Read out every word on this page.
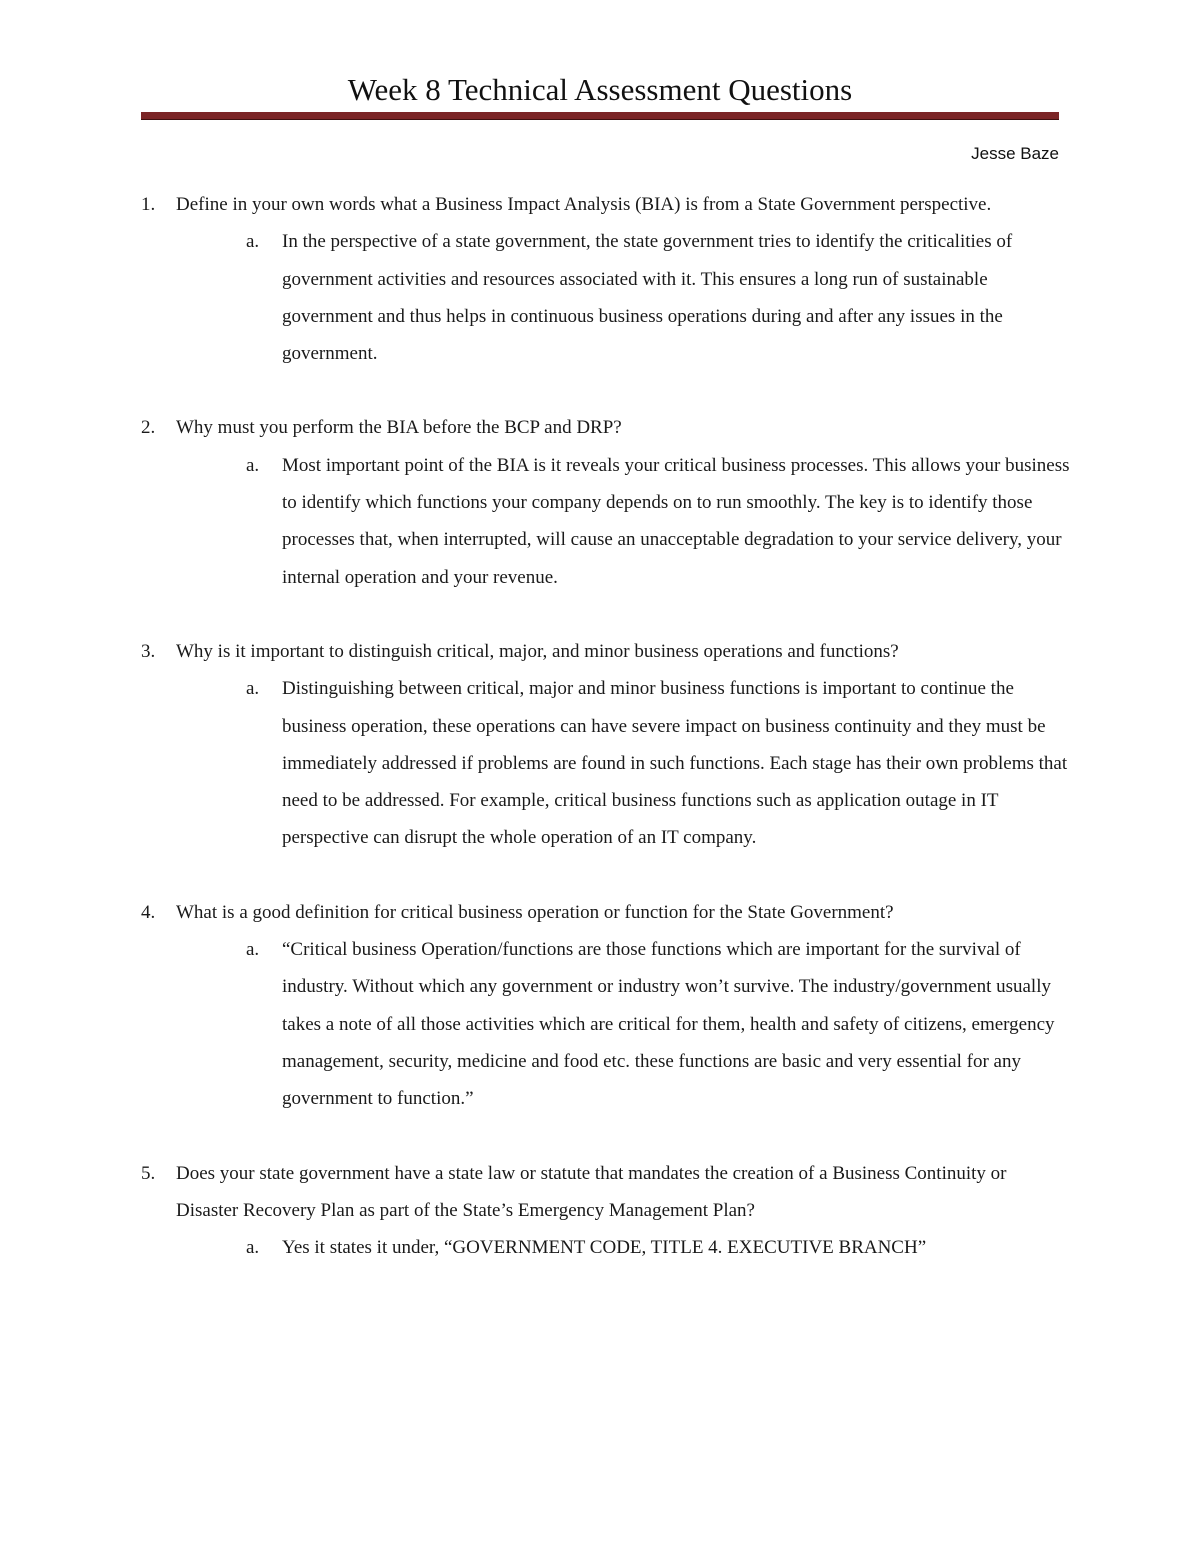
Week 8 Technical Assessment Questions
Jesse Baze
1. Define in your own words what a Business Impact Analysis (BIA) is from a State Government perspective.
a. In the perspective of a state government, the state government tries to identify the criticalities of government activities and resources associated with it. This ensures a long run of sustainable government and thus helps in continuous business operations during and after any issues in the government.
2. Why must you perform the BIA before the BCP and DRP?
a. Most important point of the BIA is it reveals your critical business processes. This allows your business to identify which functions your company depends on to run smoothly. The key is to identify those processes that, when interrupted, will cause an unacceptable degradation to your service delivery, your internal operation and your revenue.
3. Why is it important to distinguish critical, major, and minor business operations and functions?
a. Distinguishing between critical, major and minor business functions is important to continue the business operation, these operations can have severe impact on business continuity and they must be immediately addressed if problems are found in such functions. Each stage has their own problems that need to be addressed. For example, critical business functions such as application outage in IT perspective can disrupt the whole operation of an IT company.
4. What is a good definition for critical business operation or function for the State Government?
a. “Critical business Operation/functions are those functions which are important for the survival of industry. Without which any government or industry won’t survive. The industry/government usually takes a note of all those activities which are critical for them, health and safety of citizens, emergency management, security, medicine and food etc. these functions are basic and very essential for any government to function.”
5. Does your state government have a state law or statute that mandates the creation of a Business Continuity or Disaster Recovery Plan as part of the State’s Emergency Management Plan?
a. Yes it states it under, “GOVERNMENT CODE, TITLE 4. EXECUTIVE BRANCH”
